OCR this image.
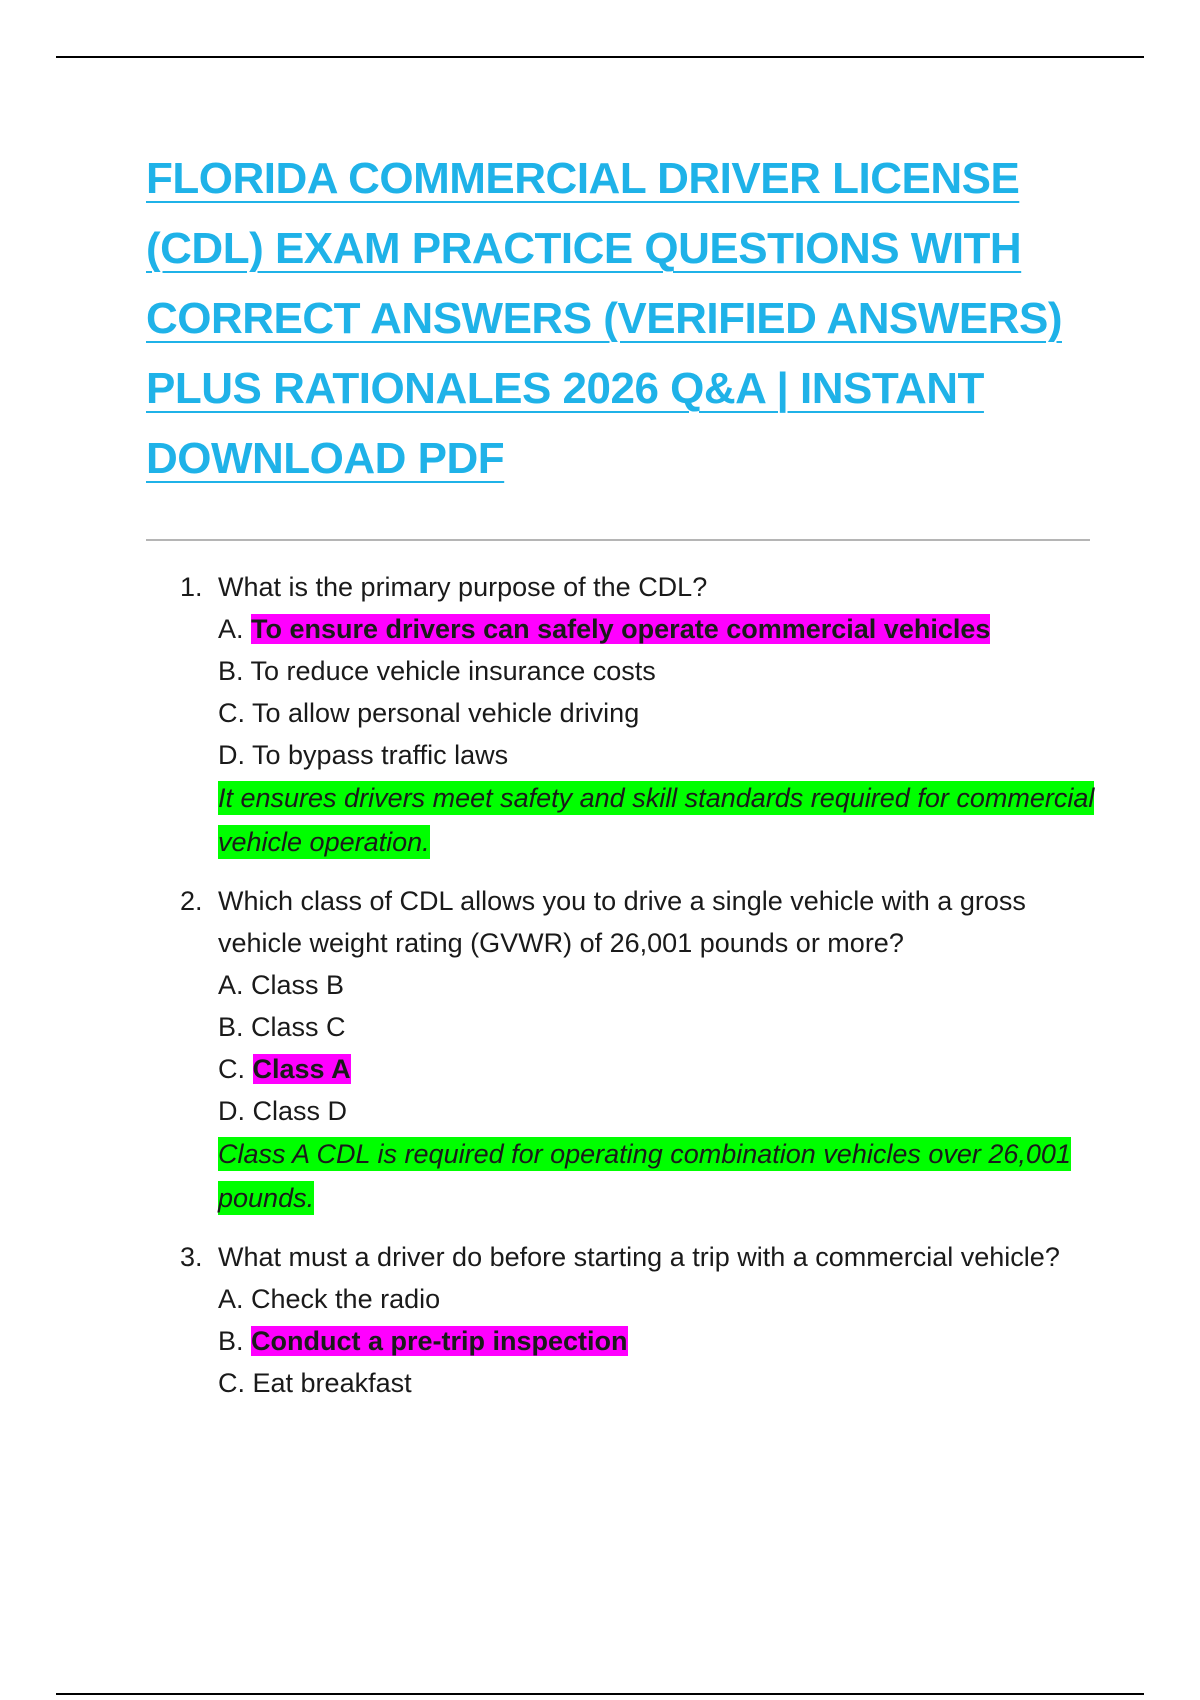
FLORIDA COMMERCIAL DRIVER LICENSE
(CDL) EXAM PRACTICE QUESTIONS WITH
CORRECT ANSWERS (VERIFIED ANSWERS)
PLUS RATIONALES 2026 Q&A | INSTANT
DOWNLOAD PDF
1. What is the primary purpose of the CDL?
A. To ensure drivers can safely operate commercial vehicles
B. To reduce vehicle insurance costs
C. To allow personal vehicle driving
D. To bypass traffic laws
It ensures drivers meet safety and skill standards required for commercial vehicle operation.
2. Which class of CDL allows you to drive a single vehicle with a gross vehicle weight rating (GVWR) of 26,001 pounds or more?
A. Class B
B. Class C
C. Class A
D. Class D
Class A CDL is required for operating combination vehicles over 26,001 pounds.
3. What must a driver do before starting a trip with a commercial vehicle?
A. Check the radio
B. Conduct a pre-trip inspection
C. Eat breakfast
